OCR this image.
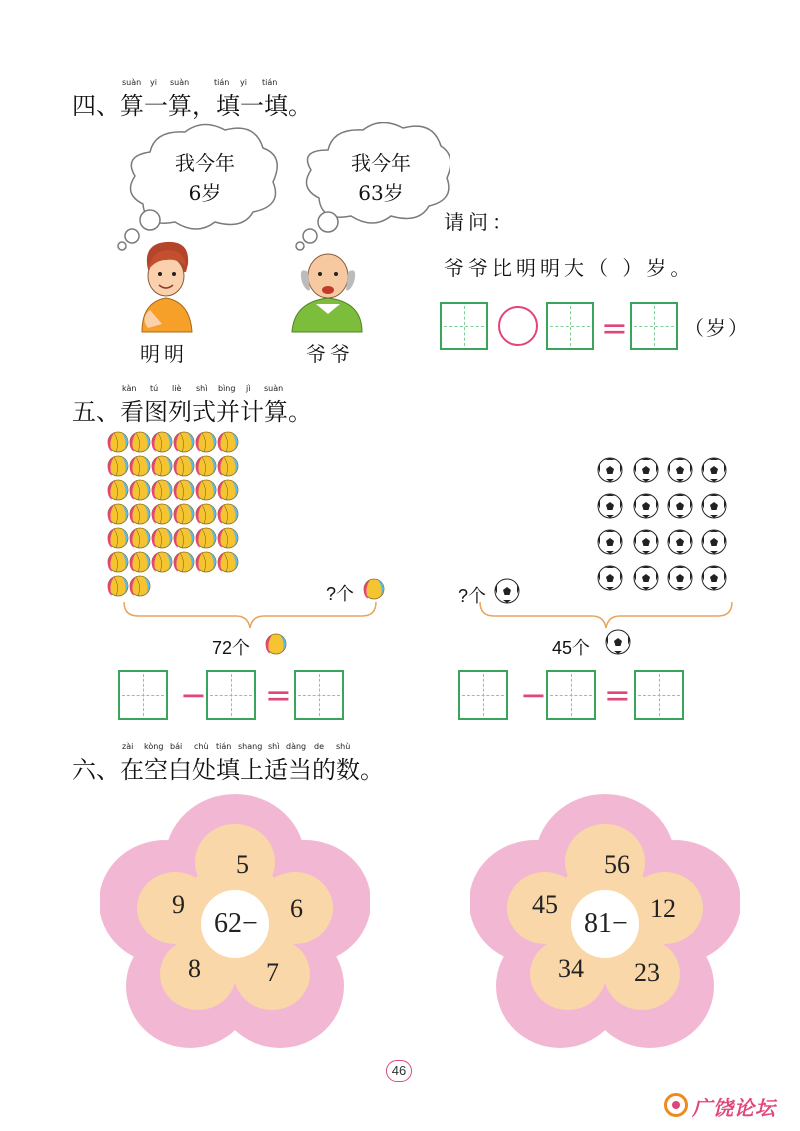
suàn yi suàn	tián yi tián
四、算一算，填一填。
我今年
6岁
我今年
63岁
明明	爷爷
请问：
爷爷比明明大（ ）岁。
=	（岁）
kàn tú liè shì bìng jì suàn
五、看图列式并计算。
?个
72个
− =
?个
45个
− =
zài kòng bái chù tián shang shì dàng de shù
六、在空白处填上适当的数。
62−
5
6
7
8
9
81−
56
12
23
34
45
46
广饶论坛
